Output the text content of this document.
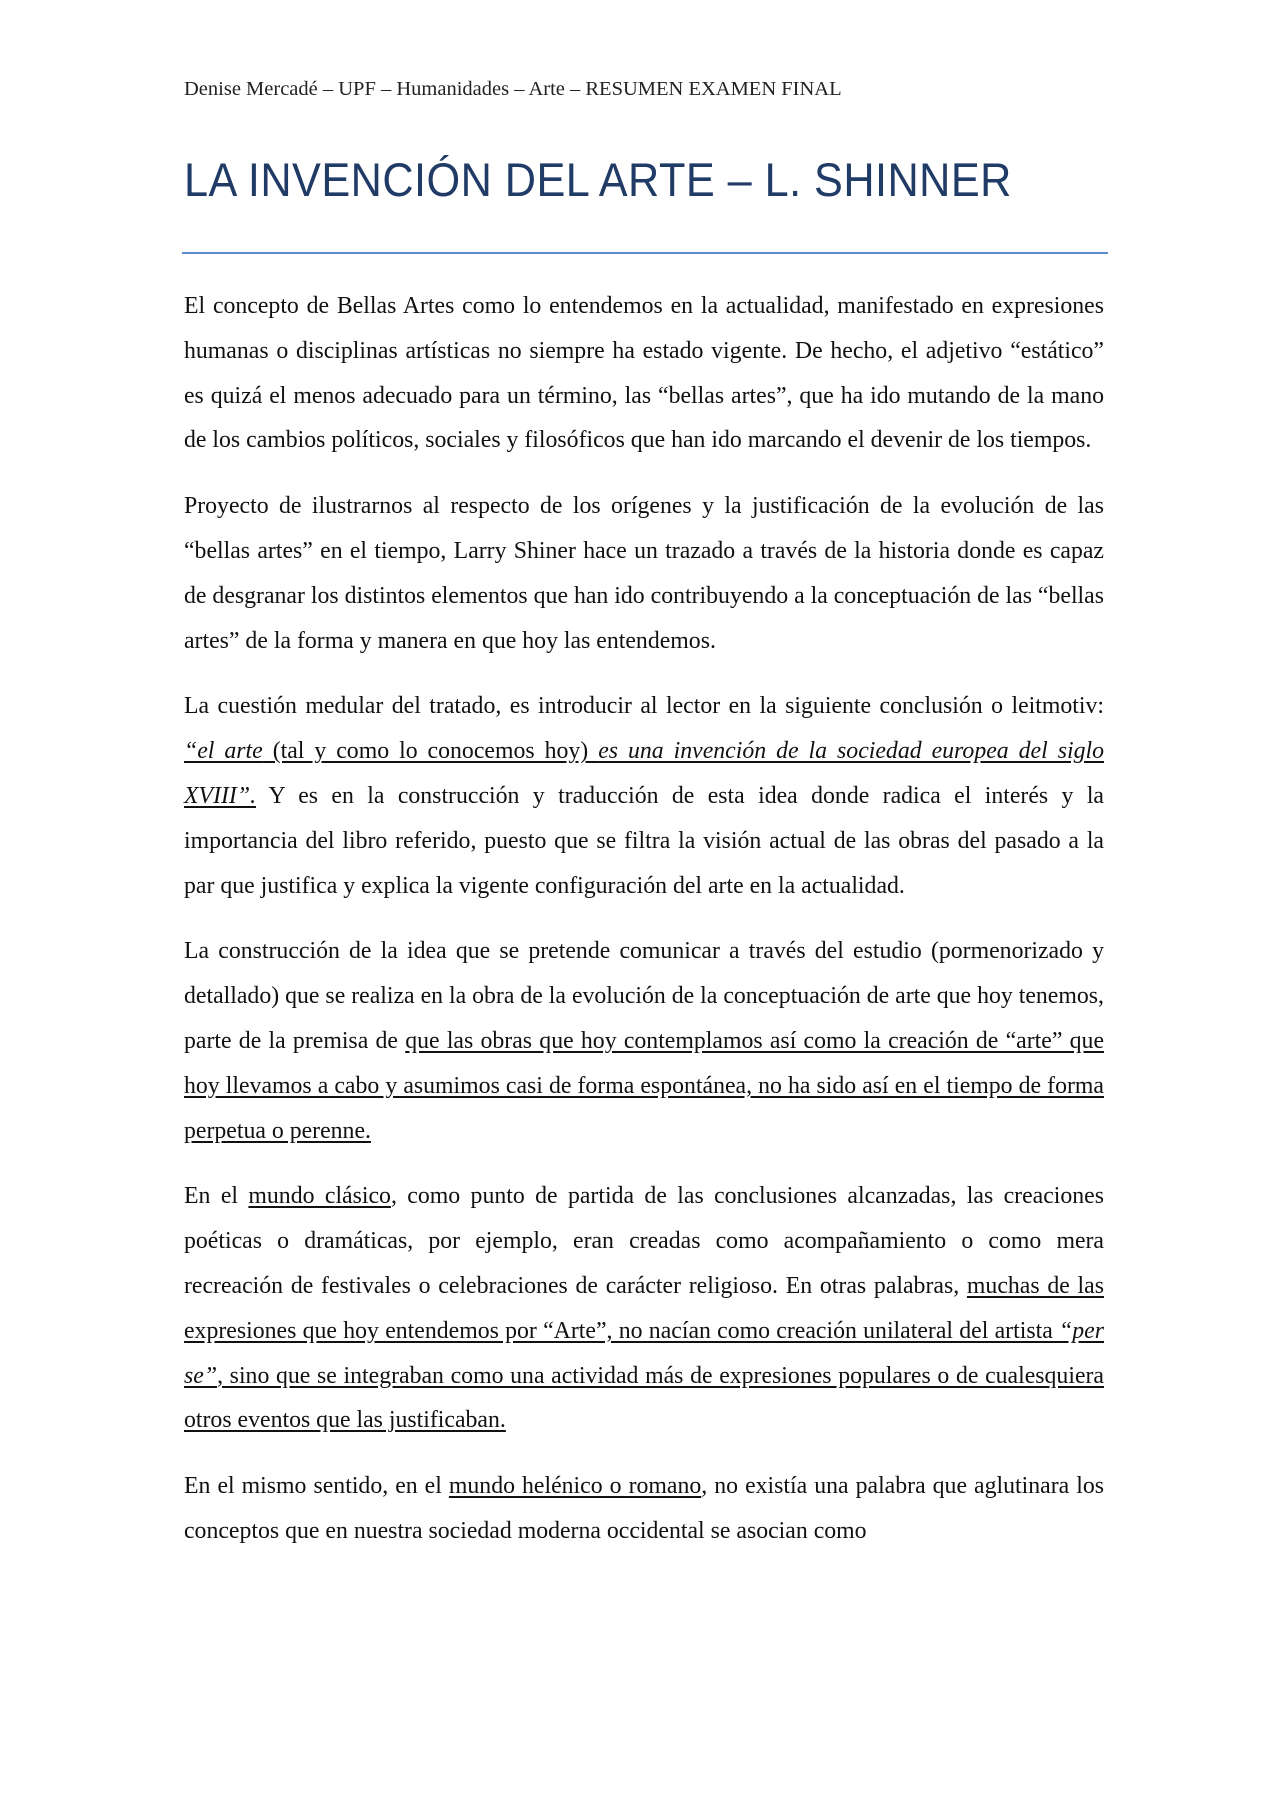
Denise Mercadé – UPF – Humanidades – Arte – RESUMEN EXAMEN FINAL
LA INVENCIÓN DEL ARTE – L. SHINNER

El concepto de Bellas Artes como lo entendemos en la actualidad, manifestado en expresiones humanas o disciplinas artísticas no siempre ha estado vigente. De hecho, el adjetivo “estático” es quizá el menos adecuado para un término, las “bellas artes”, que ha ido mutando de la mano de los cambios políticos, sociales y filosóficos que han ido marcando el devenir de los tiempos.

Proyecto de ilustrarnos al respecto de los orígenes y la justificación de la evolución de las “bellas artes” en el tiempo, Larry Shiner hace un trazado a través de la historia donde es capaz de desgranar los distintos elementos que han ido contribuyendo a la conceptuación de las “bellas artes” de la forma y manera en que hoy las entendemos.

La cuestión medular del tratado, es introducir al lector en la siguiente conclusión o leitmotiv: “el arte (tal y como lo conocemos hoy) es una invención de la sociedad europea del siglo XVIII”. Y es en la construcción y traducción de esta idea donde radica el interés y la importancia del libro referido, puesto que se filtra la visión actual de las obras del pasado a la par que justifica y explica la vigente configuración del arte en la actualidad.

La construcción de la idea que se pretende comunicar a través del estudio (pormenorizado y detallado) que se realiza en la obra de la evolución de la conceptuación de arte que hoy tenemos, parte de la premisa de que las obras que hoy contemplamos así como la creación de “arte” que hoy llevamos a cabo y asumimos casi de forma espontánea, no ha sido así en el tiempo de forma perpetua o perenne.

En el mundo clásico, como punto de partida de las conclusiones alcanzadas, las creaciones poéticas o dramáticas, por ejemplo, eran creadas como acompañamiento o como mera recreación de festivales o celebraciones de carácter religioso. En otras palabras, muchas de las expresiones que hoy entendemos por “Arte”, no nacían como creación unilateral del artista “per se”, sino que se integraban como una actividad más de expresiones populares o de cualesquiera otros eventos que las justificaban.

En el mismo sentido, en el mundo helénico o romano, no existía una palabra que aglutinara los conceptos que en nuestra sociedad moderna occidental se asocian como
